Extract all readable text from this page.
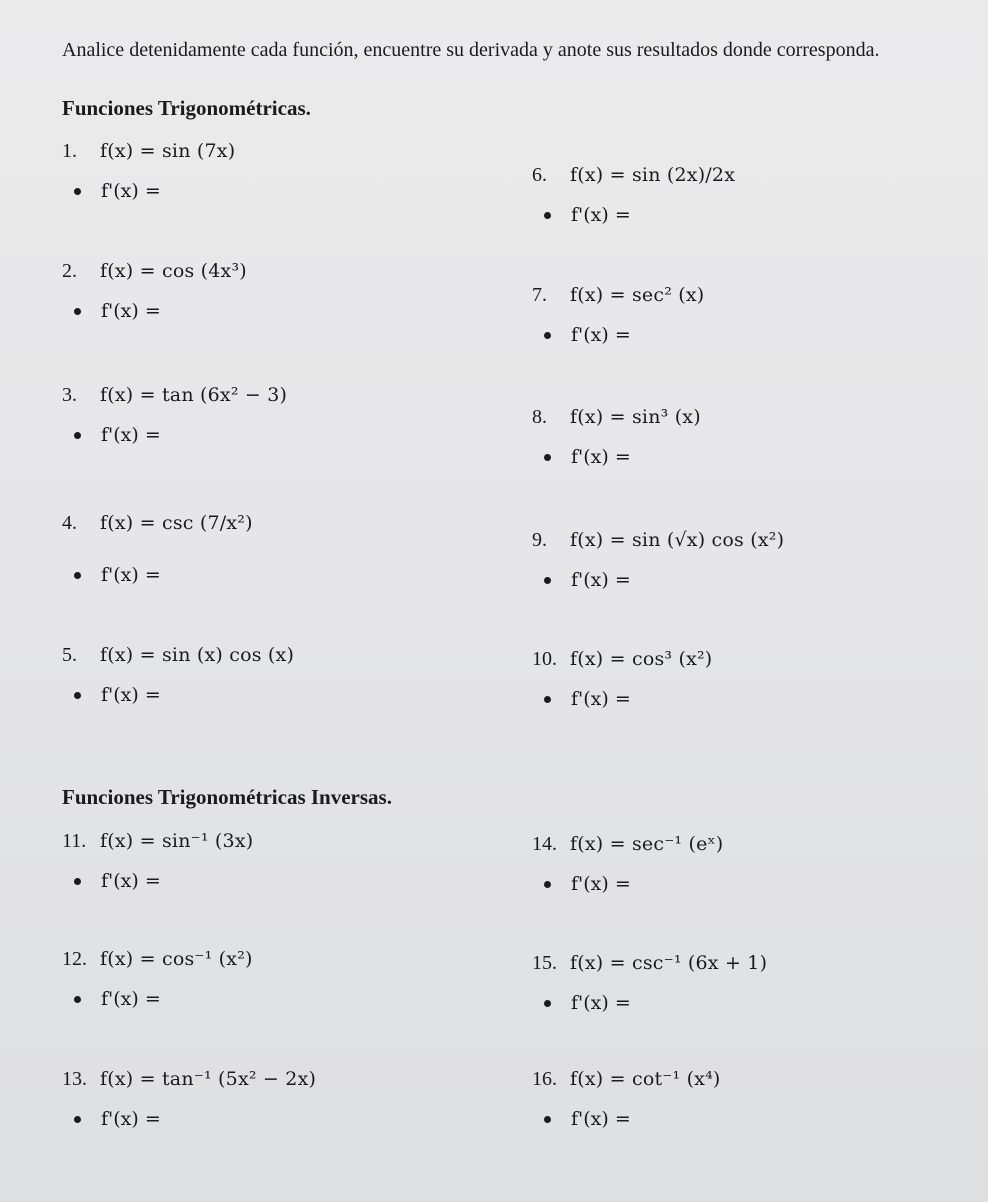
Analice detenidamente cada función, encuentre su derivada y anote sus resultados donde corresponda.
Funciones Trigonométricas.
Funciones Trigonométricas Inversas.
1.	f(x) = sin (7x)
f'(x) =
2.	f(x) = cos (4x³)
f'(x) =
3.	f(x) = tan (6x² − 3)
f'(x) =
4.	f(x) = csc (7/x²)
f'(x) =
5.	f(x) = sin (x) cos (x)
f'(x) =
6.	f(x) = sin (2x)/2x
f'(x) =
7.	f(x) = sec² (x)
f'(x) =
8.	f(x) = sin³ (x)
f'(x) =
9.	f(x) = sin (√x) cos (x²)
f'(x) =
10. f(x) = cos³ (x²)
f'(x) =
11. f(x) = sin⁻¹ (3x)
f'(x) =
12. f(x) = cos⁻¹ (x²)
f'(x) =
13. f(x) = tan⁻¹ (5x² − 2x)
f'(x) =
14. f(x) = sec⁻¹ (eˣ)
f'(x) =
15. f(x) = csc⁻¹ (6x + 1)
f'(x) =
16. f(x) = cot⁻¹ (x⁴)
f'(x) =
